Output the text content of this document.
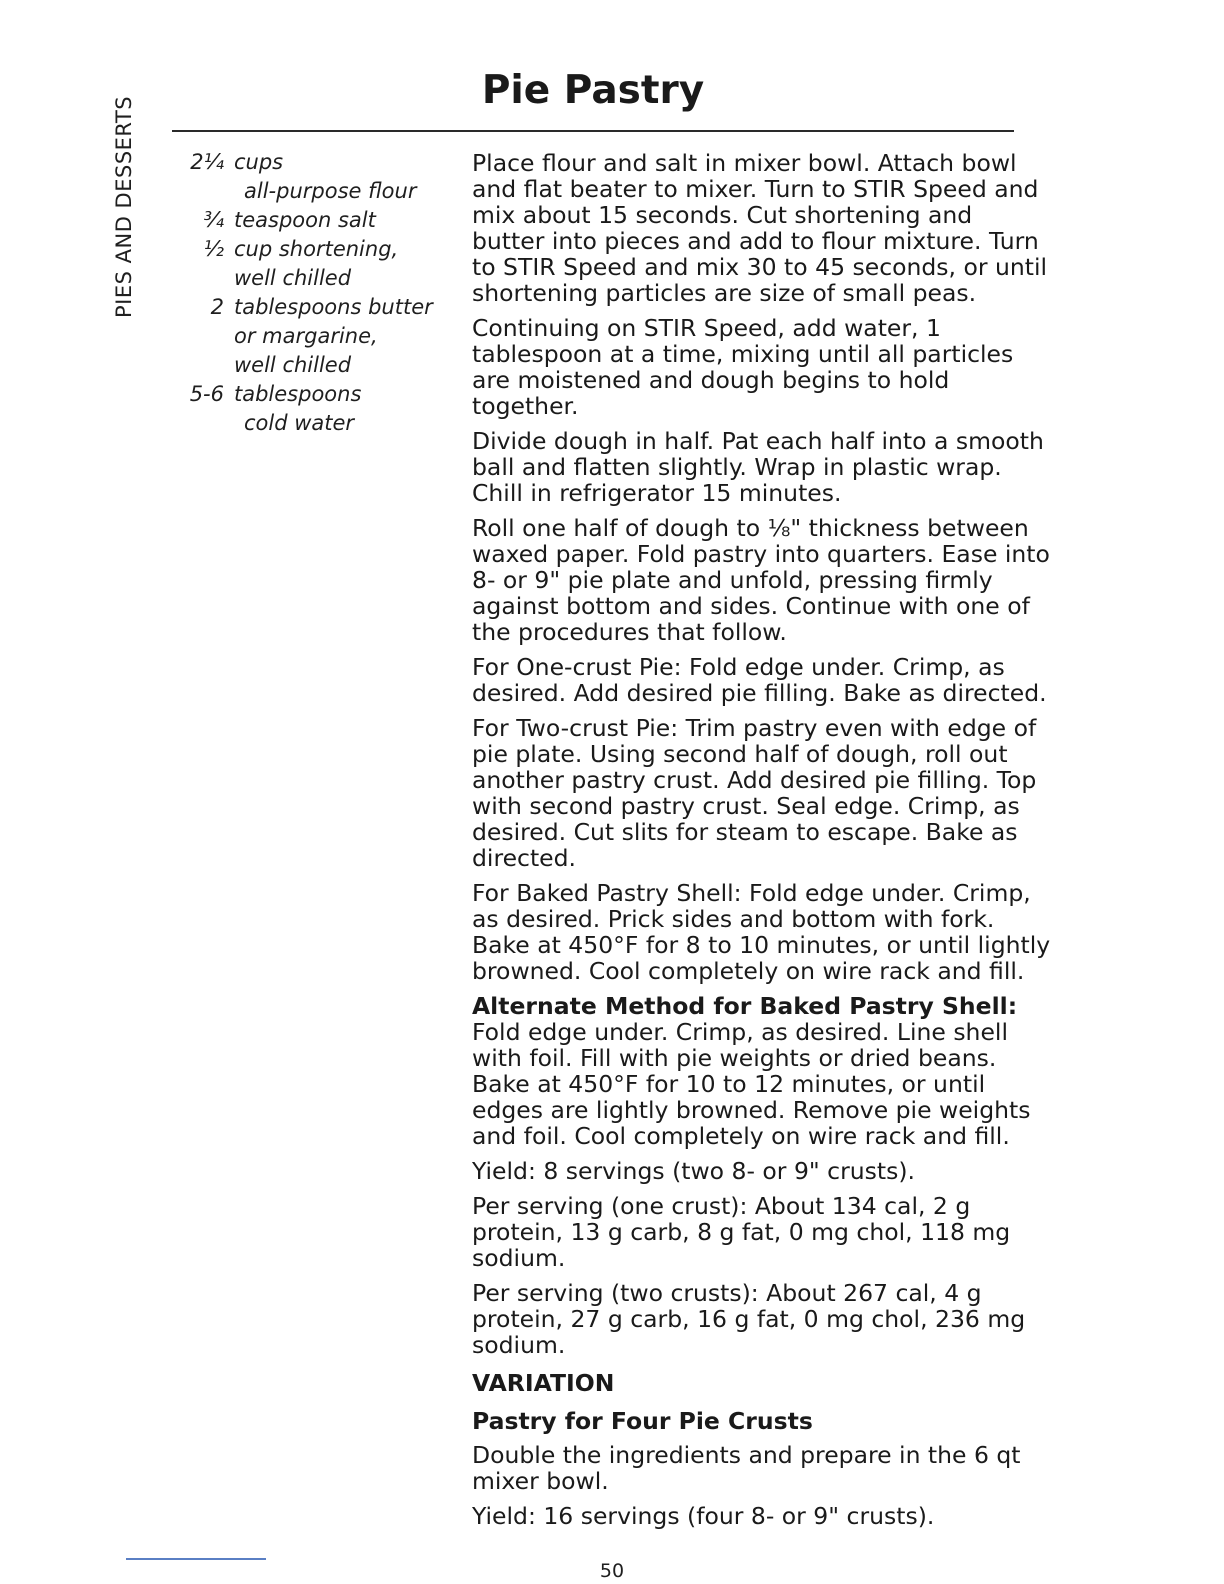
PIES AND DESSERTS
Pie Pastry
2¼ cups
all-purpose flour
¾ teaspoon salt
½ cup shortening,
well chilled
2 tablespoons butter
or margarine,
well chilled
5-6 tablespoons
cold water

Place flour and salt in mixer bowl. Attach bowl and flat beater to mixer. Turn to STIR Speed and mix about 15 seconds. Cut shortening and butter into pieces and add to flour mixture. Turn to STIR Speed and mix 30 to 45 seconds, or until shortening particles are size of small peas.

Continuing on STIR Speed, add water, 1 tablespoon at a time, mixing until all particles are moistened and dough begins to hold together.

Divide dough in half. Pat each half into a smooth ball and flatten slightly. Wrap in plastic wrap. Chill in refrigerator 15 minutes.

Roll one half of dough to ⅛" thickness between waxed paper. Fold pastry into quarters. Ease into 8- or 9" pie plate and unfold, pressing firmly against bottom and sides. Continue with one of the procedures that follow.

For One-crust Pie: Fold edge under. Crimp, as desired. Add desired pie filling. Bake as directed.

For Two-crust Pie: Trim pastry even with edge of pie plate. Using second half of dough, roll out another pastry crust. Add desired pie filling. Top with second pastry crust. Seal edge. Crimp, as desired. Cut slits for steam to escape. Bake as directed.

For Baked Pastry Shell: Fold edge under. Crimp, as desired. Prick sides and bottom with fork. Bake at 450°F for 8 to 10 minutes, or until lightly browned. Cool completely on wire rack and fill.

Alternate Method for Baked Pastry Shell: Fold edge under. Crimp, as desired. Line shell with foil. Fill with pie weights or dried beans. Bake at 450°F for 10 to 12 minutes, or until edges are lightly browned. Remove pie weights and foil. Cool completely on wire rack and fill.

Yield: 8 servings (two 8- or 9" crusts).

Per serving (one crust): About 134 cal, 2 g protein, 13 g carb, 8 g fat, 0 mg chol, 118 mg sodium.

Per serving (two crusts): About 267 cal, 4 g protein, 27 g carb, 16 g fat, 0 mg chol, 236 mg sodium.

VARIATION
Pastry for Four Pie Crusts

Double the ingredients and prepare in the 6 qt mixer bowl.

Yield: 16 servings (four 8- or 9" crusts).

50
